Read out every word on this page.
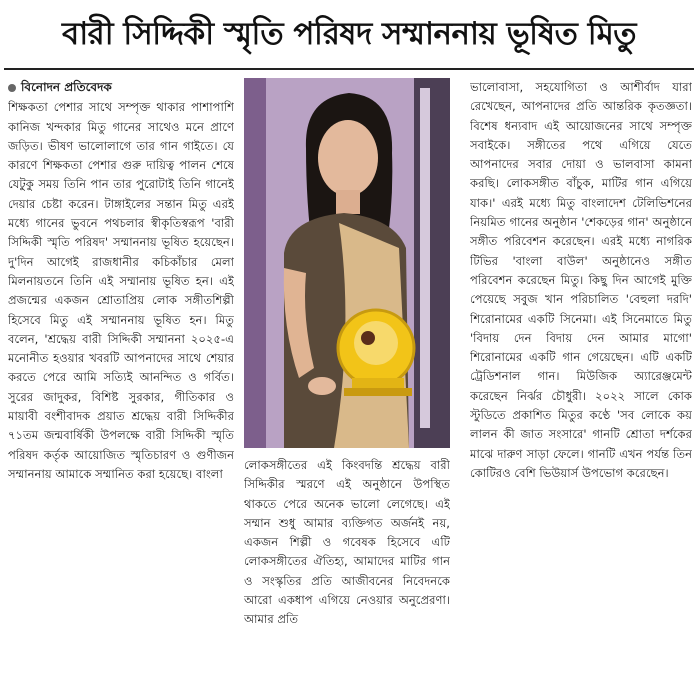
বারী সিদ্দিকী স্মৃতি পরিষদ সম্মাননায় ভূষিত মিতু
বিনোদন প্রতিবেদক

শিক্ষকতা পেশার সাথে সম্পৃক্ত থাকার পাশাপাশি কানিজ খন্দকার মিতু গানের সাথেও মনে প্রাণে জড়িত। ভীষণ ভালোলাগে তার গান গাইতে। যে কারণে শিক্ষকতা পেশার গুরু দায়িত্ব পালন শেষে যেটুকু সময় তিনি পান তার পুরোটাই তিনি গানেই দেয়ার চেষ্টা করেন। টাঙ্গাইলের সন্তান মিতু এরই মধ্যে গানের ভুবনে পথচলার স্বীকৃতিস্বরূপ 'বারী সিদ্দিকী স্মৃতি পরিষদ' সম্মাননায় ভূষিত হয়েছেন। দু'দিন আগেই রাজধানীর কচিকাঁচার মেলা মিলনায়তনে তিনি এই সম্মানায় ভূষিত হন। এই প্রজন্মের একজন শ্রোতাপ্রিয় লোক সঙ্গীতশিল্পী হিসেবে মিতু এই সম্মাননায় ভূষিত হন। মিতু বলেন, 'শ্রদ্ধেয় বারী সিদ্দিকী সম্মাননা ২০২৫-এ মনোনীত হওয়ার খবরটি আপনাদের সাথে শেয়ার করতে পেরে আমি সত্যিই আনন্দিত ও গর্বিত। সুরের জাদুকর, বিশিষ্ট সুরকার, গীতিকার ও মায়াবী বংশীবাদক প্রয়াত শ্রদ্ধেয় বারী সিদ্দিকীর ৭১তম জন্মবার্ষিকী উপলক্ষে বারী সিদ্দিকী স্মৃতি পরিষদ কর্তৃক আয়োজিত স্মৃতিচারণ ও গুণীজন সম্মাননায় আমাকে সম্মানিত করা হয়েছে। বাংলা

লোকসঙ্গীতের এই কিংবদন্তি শ্রদ্ধেয় বারী সিদ্দিকীর স্মরণে এই অনুষ্ঠানে উপস্থিত থাকতে পেরে অনেক ভালো লেগেছে। এই সম্মান শুধু আমার ব্যক্তিগত অর্জনই নয়, একজন শিল্পী ও গবেষক হিসেবে এটি লোকসঙ্গীতের ঐতিহ্য, আমাদের মাটির গান ও সংস্কৃতির প্রতি আজীবনের নিবেদনকে আরো একধাপ এগিয়ে নেওয়ার অনুপ্রেরণা। আমার প্রতি

ভালোবাসা, সহযোগিতা ও আশীর্বাদ যারা রেখেছেন, আপনাদের প্রতি আন্তরিক কৃতজ্ঞতা। বিশেষ ধন্যবাদ এই আয়োজনের সাথে সম্পৃক্ত সবাইকে। সঙ্গীতের পথে এগিয়ে যেতে আপনাদের সবার দোয়া ও ভালবাসা কামনা করছি। লোকসঙ্গীত বাঁচুক, মাটির গান এগিয়ে যাক।' এরই মধ্যে মিতু বাংলাদেশ টেলিভিশনের নিয়মিত গানের অনুষ্ঠান 'শেকড়ের গান' অনুষ্ঠানে সঙ্গীত পরিবেশন করেছেন। এরই মধ্যে নাগরিক টিভির 'বাংলা বাউল' অনুষ্ঠানেও সঙ্গীত পরিবেশন করেছেন মিতু। কিছু দিন আগেই মুক্তি পেয়েছে সবুজ খান পরিচালিত 'বেহুলা দরদি' শিরোনামের একটি সিনেমা। এই সিনেমাতে মিতু 'বিদায় দেন বিদায় দেন আমার মাগো' শিরোনামের একটি গান গেয়েছেন। এটি একটি ট্রেডিশনাল গান। মিউজিক অ্যারেঞ্জমেন্ট করেছেন নির্ঝর চৌধুরী। ২০২২ সালে কোক স্টুডিতে প্রকাশিত মিতুর কণ্ঠে 'সব লোকে কয় লালন কী জাত সংসারে' গানটি শ্রোতা দর্শকের মাঝে দারুণ সাড়া ফেলে। গানটি এখন পর্যন্ত তিন কোটিরও বেশি ভিউয়ার্স উপভোগ করেছেন।
